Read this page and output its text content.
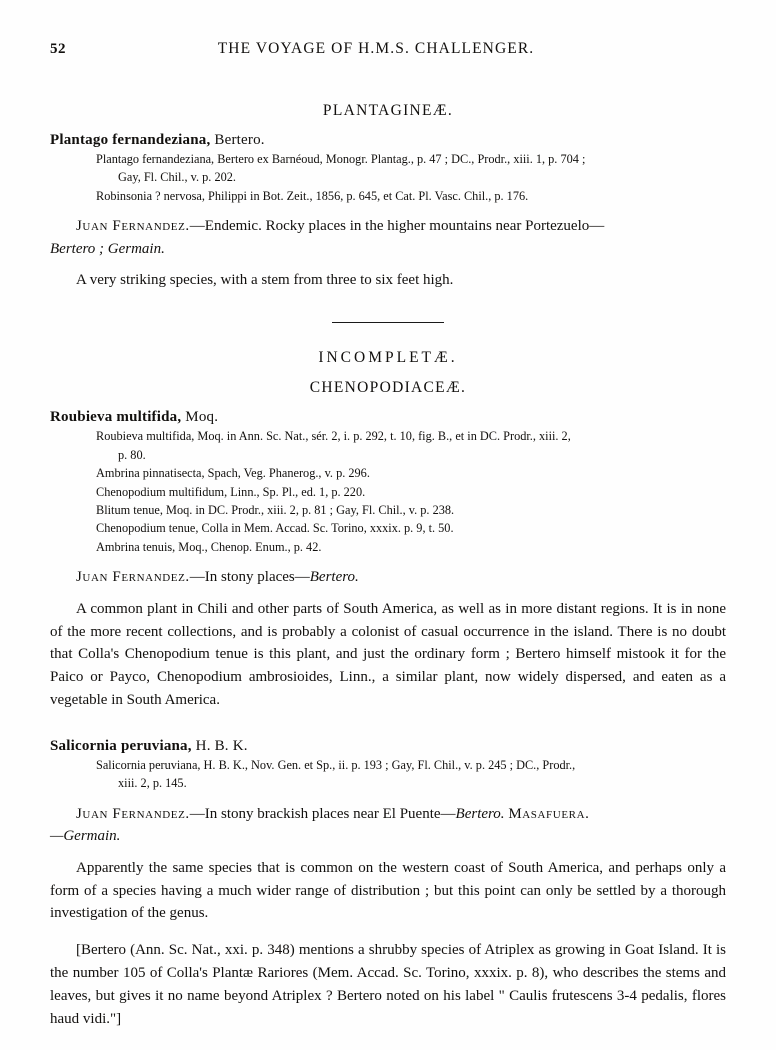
52	THE VOYAGE OF H.M.S. CHALLENGER.
PLANTAGINEÆ.
Plantago fernandeziana, Bertero.

Plantago fernandeziana, Bertero ex Barnéoud, Monogr. Plantag., p. 47 ; DC., Prodr., xiii. 1, p. 704 ;

Gay, Fl. Chil., v. p. 202.

Robinsonia ? nervosa, Philippi in Bot. Zeit., 1856, p. 645, et Cat. Pl. Vasc. Chil., p. 176.

Juan Fernandez.—Endemic. Rocky places in the higher mountains near Portezuelo—
Bertero ; Germain.
A very striking species, with a stem from three to six feet high.
INCOMPLETÆ.
CHENOPODIACEÆ.
Roubieva multifida, Moq.

Roubieva multifida, Moq. in Ann. Sc. Nat., sér. 2, i. p. 292, t. 10, fig. B., et in DC. Prodr., xiii. 2,

p. 80.

Ambrina pinnatisecta, Spach, Veg. Phanerog., v. p. 296.

Chenopodium multifidum, Linn., Sp. Pl., ed. 1, p. 220.

Blitum tenue, Moq. in DC. Prodr., xiii. 2, p. 81 ; Gay, Fl. Chil., v. p. 238.

Chenopodium tenue, Colla in Mem. Accad. Sc. Torino, xxxix. p. 9, t. 50.

Ambrina tenuis, Moq., Chenop. Enum., p. 42.

Juan Fernandez.—In stony places—Bertero.
A common plant in Chili and other parts of South America, as well as in more distant regions. It is in none of the more recent collections, and is probably a colonist of casual occurrence in the island. There is no doubt that Colla's Chenopodium tenue is this plant, and just the ordinary form ; Bertero himself mistook it for the Paico or Payco, Chenopodium ambrosioides, Linn., a similar plant, now widely dispersed, and eaten as a vegetable in South America.
Salicornia peruviana, H. B. K.

Salicornia peruviana, H. B. K., Nov. Gen. et Sp., ii. p. 193 ; Gay, Fl. Chil., v. p. 245 ; DC., Prodr.,

xiii. 2, p. 145.

Juan Fernandez.—In stony brackish places near El Puente—Bertero. Masafuera.
—Germain.
Apparently the same species that is common on the western coast of South America, and perhaps only a form of a species having a much wider range of distribution ; but this point can only be settled by a thorough investigation of the genus.
[Bertero (Ann. Sc. Nat., xxi. p. 348) mentions a shrubby species of Atriplex as growing in Goat Island. It is the number 105 of Colla's Plantæ Rariores (Mem. Accad. Sc. Torino, xxxix. p. 8), who describes the stems and leaves, but gives it no name beyond Atriplex ? Bertero noted on his label " Caulis frutescens 3-4 pedalis, flores haud vidi."]
